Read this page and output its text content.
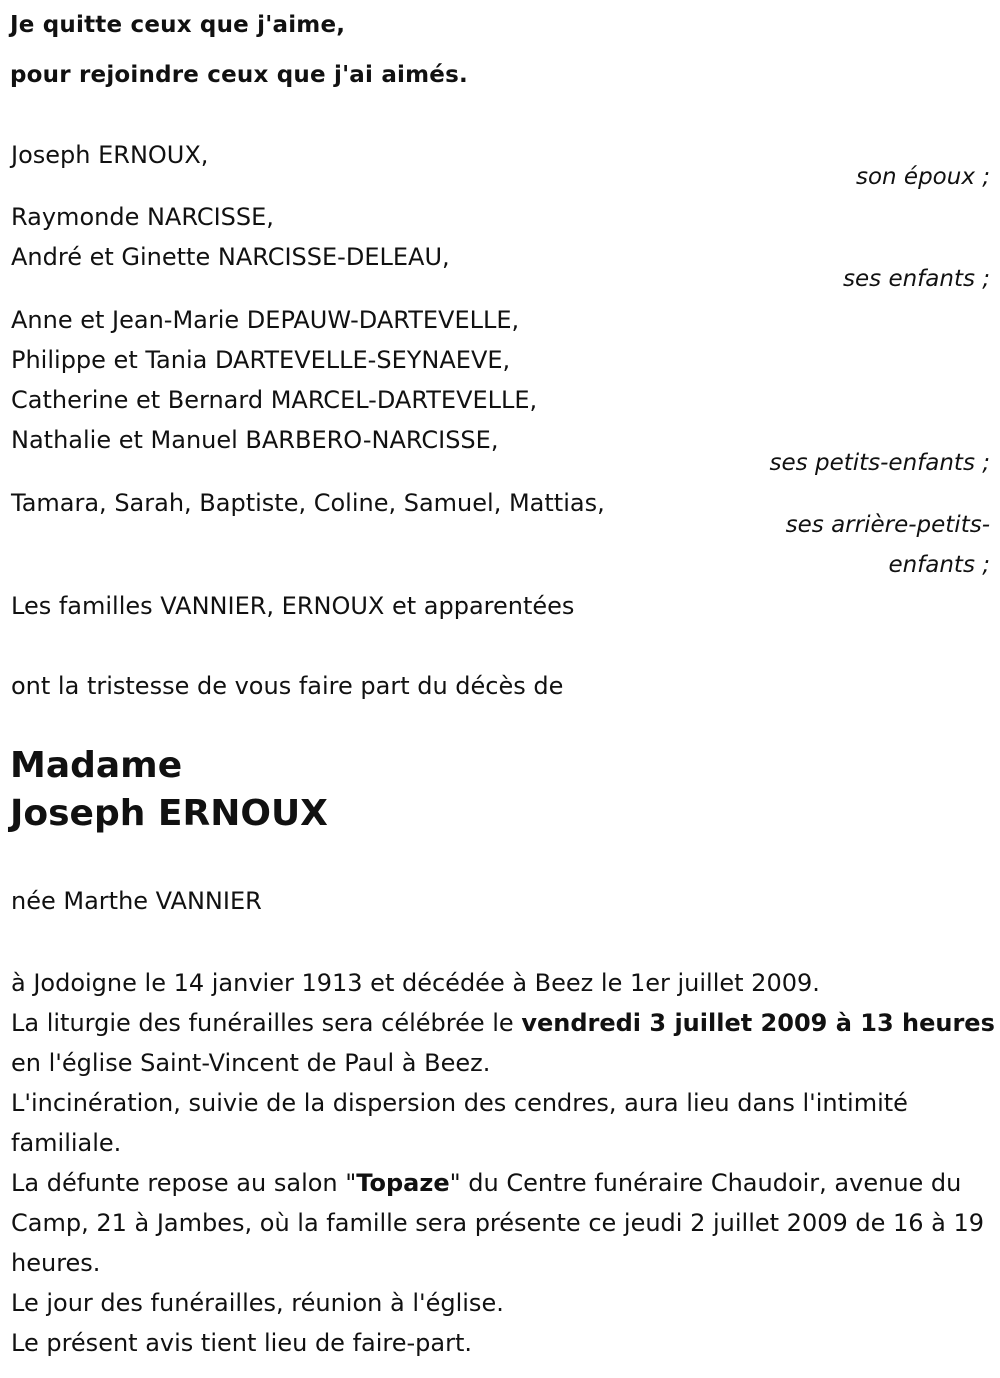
Je quitte ceux que j'aime,
pour rejoindre ceux que j'ai aimés.
Joseph ERNOUX,
son époux ;
Raymonde NARCISSE,
André et Ginette NARCISSE-DELEAU,
ses enfants ;
Anne et Jean-Marie DEPAUW-DARTEVELLE,
Philippe et Tania DARTEVELLE-SEYNAEVE,
Catherine et Bernard MARCEL-DARTEVELLE,
Nathalie et Manuel BARBERO-NARCISSE,
ses petits-enfants ;
Tamara, Sarah, Baptiste, Coline, Samuel, Mattias,
ses arrière-petits-
enfants ;
Les familles VANNIER, ERNOUX et apparentées
ont la tristesse de vous faire part du décès de
Madame
Joseph ERNOUX
née Marthe VANNIER

à Jodoigne le 14 janvier 1913 et décédée à Beez le 1er juillet 2009.

La liturgie des funérailles sera célébrée le vendredi 3 juillet 2009 à 13 heures en l'église Saint-Vincent de Paul à Beez.

L'incinération, suivie de la dispersion des cendres, aura lieu dans l'intimité familiale.

La défunte repose au salon "Topaze" du Centre funéraire Chaudoir, avenue du Camp, 21 à Jambes, où la famille sera présente ce jeudi 2 juillet 2009 de 16 à 19 heures.

Le jour des funérailles, réunion à l'église.

Le présent avis tient lieu de faire-part.
